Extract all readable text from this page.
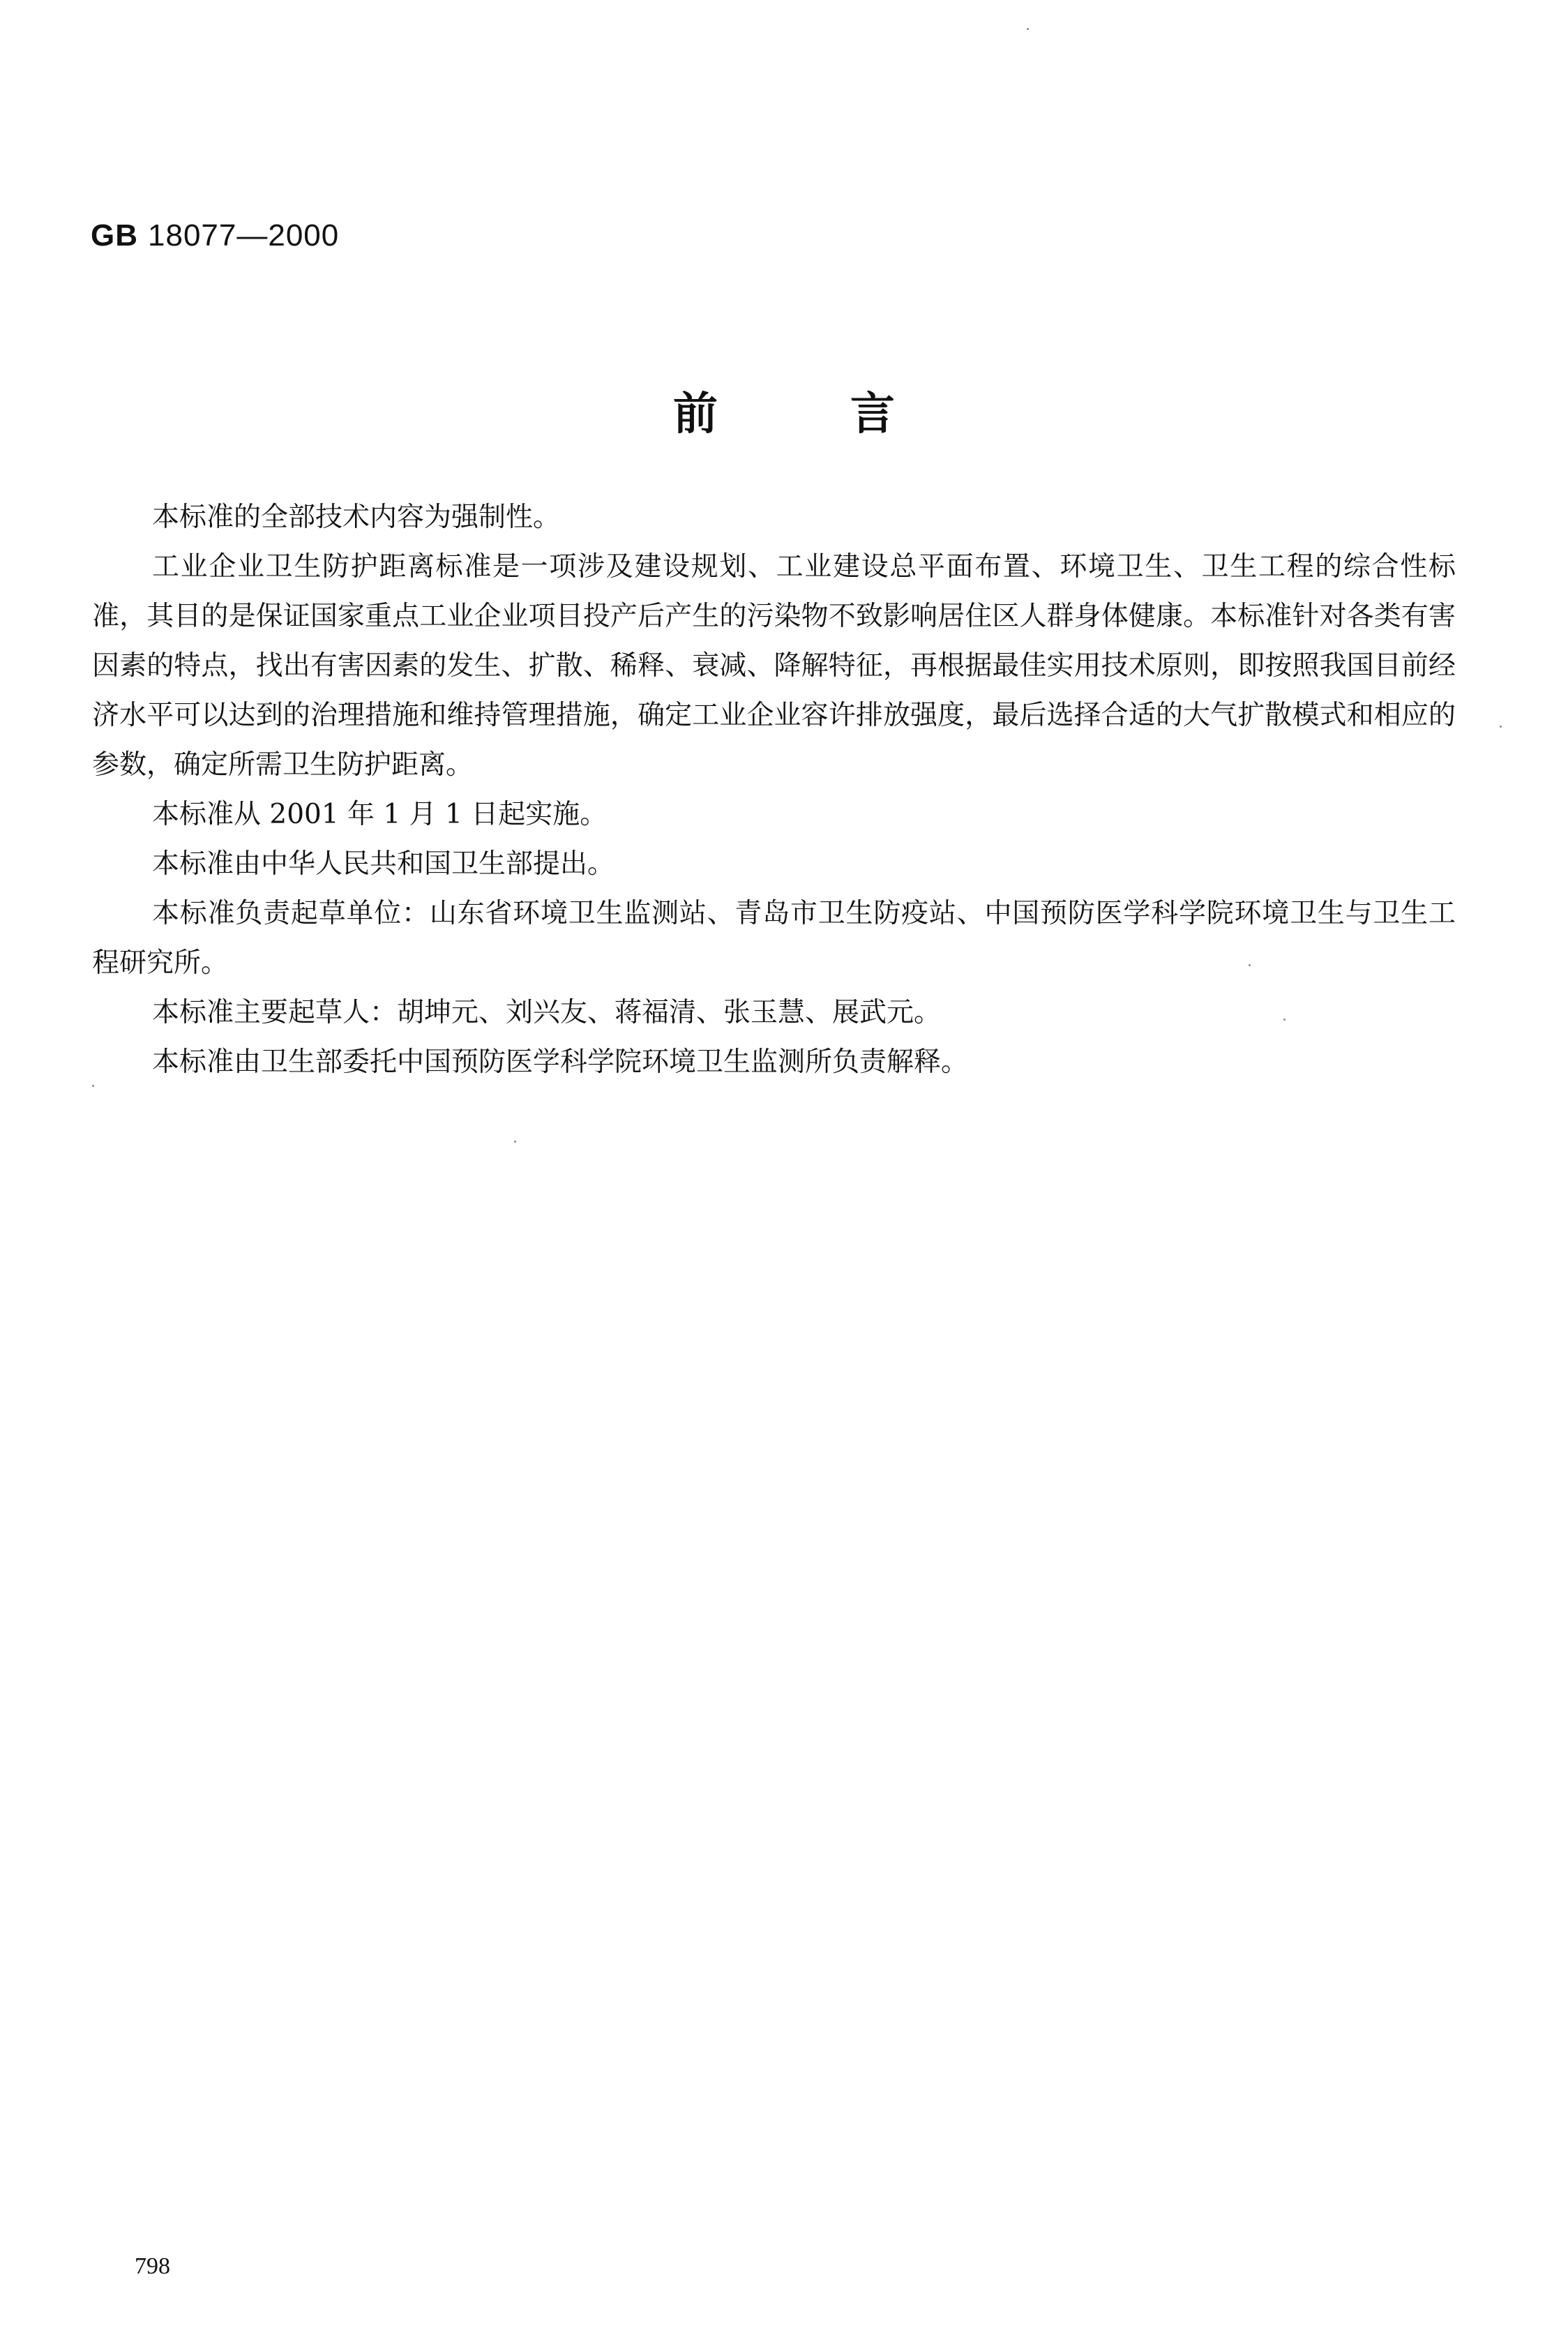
GB 18077—2000
前	言

本标准的全部技术内容为强制性。

工业企业卫生防护距离标准是一项涉及建设规划、工业建设总平面布置、环境卫生、卫生工程的综合性标准，其目的是保证国家重点工业企业项目投产后产生的污染物不致影响居住区人群身体健康。本标准针对各类有害因素的特点，找出有害因素的发生、扩散、稀释、衰减、降解特征，再根据最佳实用技术原则，即按照我国目前经济水平可以达到的治理措施和维持管理措施，确定工业企业容许排放强度，最后选择合适的大气扩散模式和相应的参数，确定所需卫生防护距离。

本标准从 2001 年 1 月 1 日起实施。

本标准由中华人民共和国卫生部提出。

本标准负责起草单位：山东省环境卫生监测站、青岛市卫生防疫站、中国预防医学科学院环境卫生与卫生工程研究所。

本标准主要起草人：胡坤元、刘兴友、蒋福清、张玉慧、展武元。

本标准由卫生部委托中国预防医学科学院环境卫生监测所负责解释。

798
